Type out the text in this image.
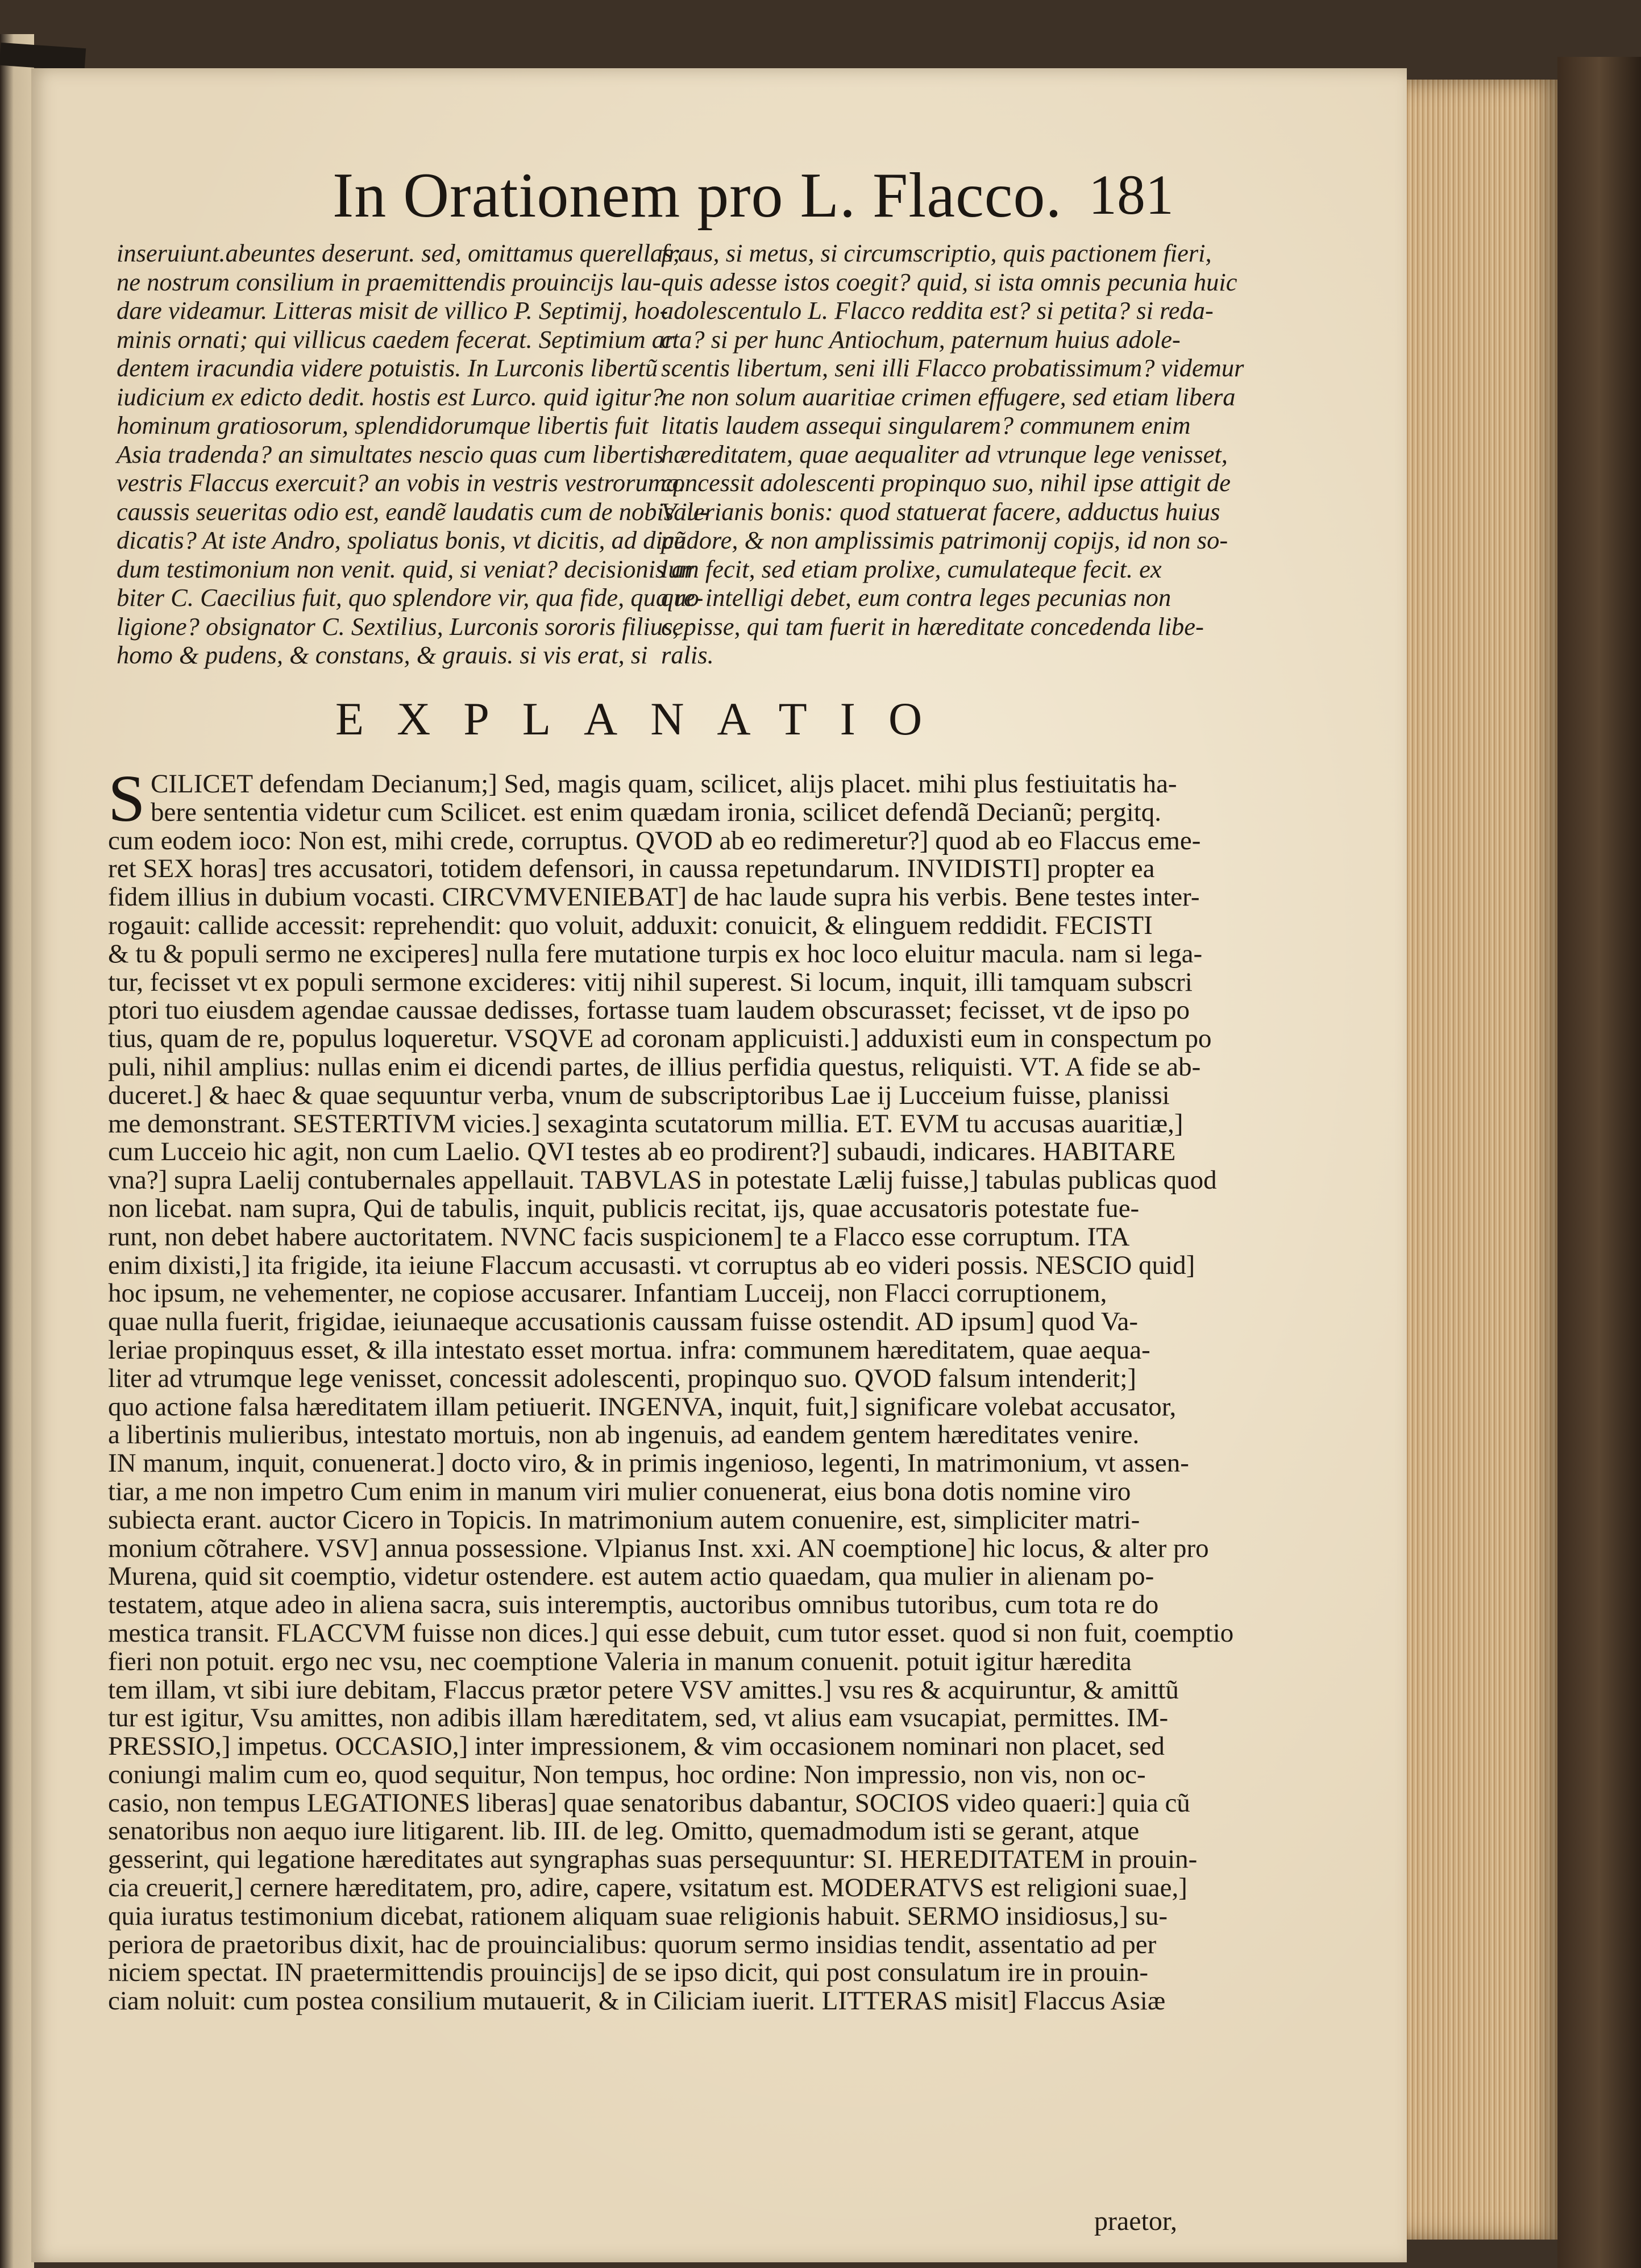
In Orationem pro L. Flacco. 181

inseruiunt.abeuntes deserunt. sed, omittamus querellas;

ne nostrum consilium in praemittendis prouincijs lau-

dare videamur. Litteras misit de villico P. Septimij, ho-

minis ornati; qui villicus caedem fecerat. Septimium ar

dentem iracundia videre potuistis. In Lurconis libertũ

iudicium ex edicto dedit. hostis est Lurco. quid igitur?

hominum gratiosorum, splendidorumque libertis fuit

Asia tradenda? an simultates nescio quas cum libertis

vestris Flaccus exercuit? an vobis in vestris vestrorumq.

caussis seueritas odio est, eandẽ laudatis cum de nobis iu-

dicatis? At iste Andro, spoliatus bonis, vt dicitis, ad dicẽ

dum testimonium non venit. quid, si veniat? decisionis ar

biter C. Caecilius fuit, quo splendore vir, qua fide, qua re-

ligione? obsignator C. Sextilius, Lurconis sororis filius,

homo & pudens, & constans, & grauis. si vis erat, si

fraus, si metus, si circumscriptio, quis pactionem fieri,

quis adesse istos coegit? quid, si ista omnis pecunia huic

adolescentulo L. Flacco reddita est? si petita? si reda-

cta? si per hunc Antiochum, paternum huius adole-

scentis libertum, seni illi Flacco probatissimum? videmur

ne non solum auaritiae crimen effugere, sed etiam libera

litatis laudem assequi singularem? communem enim

hæreditatem, quae aequaliter ad vtrunque lege venisset,

concessit adolescenti propinquo suo, nihil ipse attigit de

Valerianis bonis: quod statuerat facere, adductus huius

pudore, & non amplissimis patrimonij copijs, id non so-

lum fecit, sed etiam prolixe, cumulateque fecit. ex

quo intelligi debet, eum contra leges pecunias non

cepisse, qui tam fuerit in hæreditate concedenda libe-

ralis.

EXPLANATIO
S CILICET defendam Decianum;] Sed, magis quam, scilicet, alijs placet. mihi plus festiuitatis ha-

bere sententia videtur cum Scilicet. est enim quædam ironia, scilicet defendã Decianũ; pergitq.

cum eodem ioco: Non est, mihi crede, corruptus. QVOD ab eo redimeretur?] quod ab eo Flaccus eme-

ret SEX horas] tres accusatori, totidem defensori, in caussa repetundarum. INVIDISTI] propter ea

fidem illius in dubium vocasti. CIRCVMVENIEBAT] de hac laude supra his verbis. Bene testes inter-

rogauit: callide accessit: reprehendit: quo voluit, adduxit: conuicit, & elinguem reddidit. FECISTI

& tu & populi sermo ne exciperes] nulla fere mutatione turpis ex hoc loco eluitur macula. nam si lega-

tur, fecisset vt ex populi sermone excideres: vitij nihil superest. Si locum, inquit, illi tamquam subscri

ptori tuo eiusdem agendae caussae dedisses, fortasse tuam laudem obscurasset; fecisset, vt de ipso po

tius, quam de re, populus loqueretur. VSQVE ad coronam applicuisti.] adduxisti eum in conspectum po

puli, nihil amplius: nullas enim ei dicendi partes, de illius perfidia questus, reliquisti. VT. A fide se ab-

duceret.] & haec & quae sequuntur verba, vnum de subscriptoribus Lae ij Lucceium fuisse, planissi

me demonstrant. SESTERTIVM vicies.] sexaginta scutatorum millia. ET. EVM tu accusas auaritiæ,]

cum Lucceio hic agit, non cum Laelio. QVI testes ab eo prodirent?] subaudi, indicares. HABITARE

vna?] supra Laelij contubernales appellauit. TABVLAS in potestate Lælij fuisse,] tabulas publicas quod

non licebat. nam supra, Qui de tabulis, inquit, publicis recitat, ijs, quae accusatoris potestate fue-

runt, non debet habere auctoritatem. NVNC facis suspicionem] te a Flacco esse corruptum. ITA

enim dixisti,] ita frigide, ita ieiune Flaccum accusasti. vt corruptus ab eo videri possis. NESCIO quid]

hoc ipsum, ne vehementer, ne copiose accusarer. Infantiam Lucceij, non Flacci corruptionem,

quae nulla fuerit, frigidae, ieiunaeque accusationis caussam fuisse ostendit. AD ipsum] quod Va-

leriae propinquus esset, & illa intestato esset mortua. infra: communem hæreditatem, quae aequa-

liter ad vtrumque lege venisset, concessit adolescenti, propinquo suo. QVOD falsum intenderit;]

quo actione falsa hæreditatem illam petiuerit. INGENVA, inquit, fuit,] significare volebat accusator,

a libertinis mulieribus, intestato mortuis, non ab ingenuis, ad eandem gentem hæreditates venire.

IN manum, inquit, conuenerat.] docto viro, & in primis ingenioso, legenti, In matrimonium, vt assen-

tiar, a me non impetro Cum enim in manum viri mulier conuenerat, eius bona dotis nomine viro

subiecta erant. auctor Cicero in Topicis. In matrimonium autem conuenire, est, simpliciter matri-

monium cõtrahere. VSV] annua possessione. Vlpianus Inst. xxi. AN coemptione] hic locus, & alter pro

Murena, quid sit coemptio, videtur ostendere. est autem actio quaedam, qua mulier in alienam po-

testatem, atque adeo in aliena sacra, suis interemptis, auctoribus omnibus tutoribus, cum tota re do

mestica transit. FLACCVM fuisse non dices.] qui esse debuit, cum tutor esset. quod si non fuit, coemptio

fieri non potuit. ergo nec vsu, nec coemptione Valeria in manum conuenit. potuit igitur hæredita

tem illam, vt sibi iure debitam, Flaccus prætor petere VSV amittes.] vsu res & acquiruntur, & amittũ

tur est igitur, Vsu amittes, non adibis illam hæreditatem, sed, vt alius eam vsucapiat, permittes. IM-

PRESSIO,] impetus. OCCASIO,] inter impressionem, & vim occasionem nominari non placet, sed

coniungi malim cum eo, quod sequitur, Non tempus, hoc ordine: Non impressio, non vis, non oc-

casio, non tempus LEGATIONES liberas] quae senatoribus dabantur, SOCIOS video quaeri:] quia cũ

senatoribus non aequo iure litigarent. lib. III. de leg. Omitto, quemadmodum isti se gerant, atque

gesserint, qui legatione hæreditates aut syngraphas suas persequuntur: SI. HEREDITATEM in prouin-

cia creuerit,] cernere hæreditatem, pro, adire, capere, vsitatum est. MODERATVS est religioni suae,]

quia iuratus testimonium dicebat, rationem aliquam suae religionis habuit. SERMO insidiosus,] su-

periora de praetoribus dixit, hac de prouincialibus: quorum sermo insidias tendit, assentatio ad per

niciem spectat. IN praetermittendis prouincijs] de se ipso dicit, qui post consulatum ire in prouin-

ciam noluit: cum postea consilium mutauerit, & in Ciliciam iuerit. LITTERAS misit] Flaccus Asiæ

praetor,
